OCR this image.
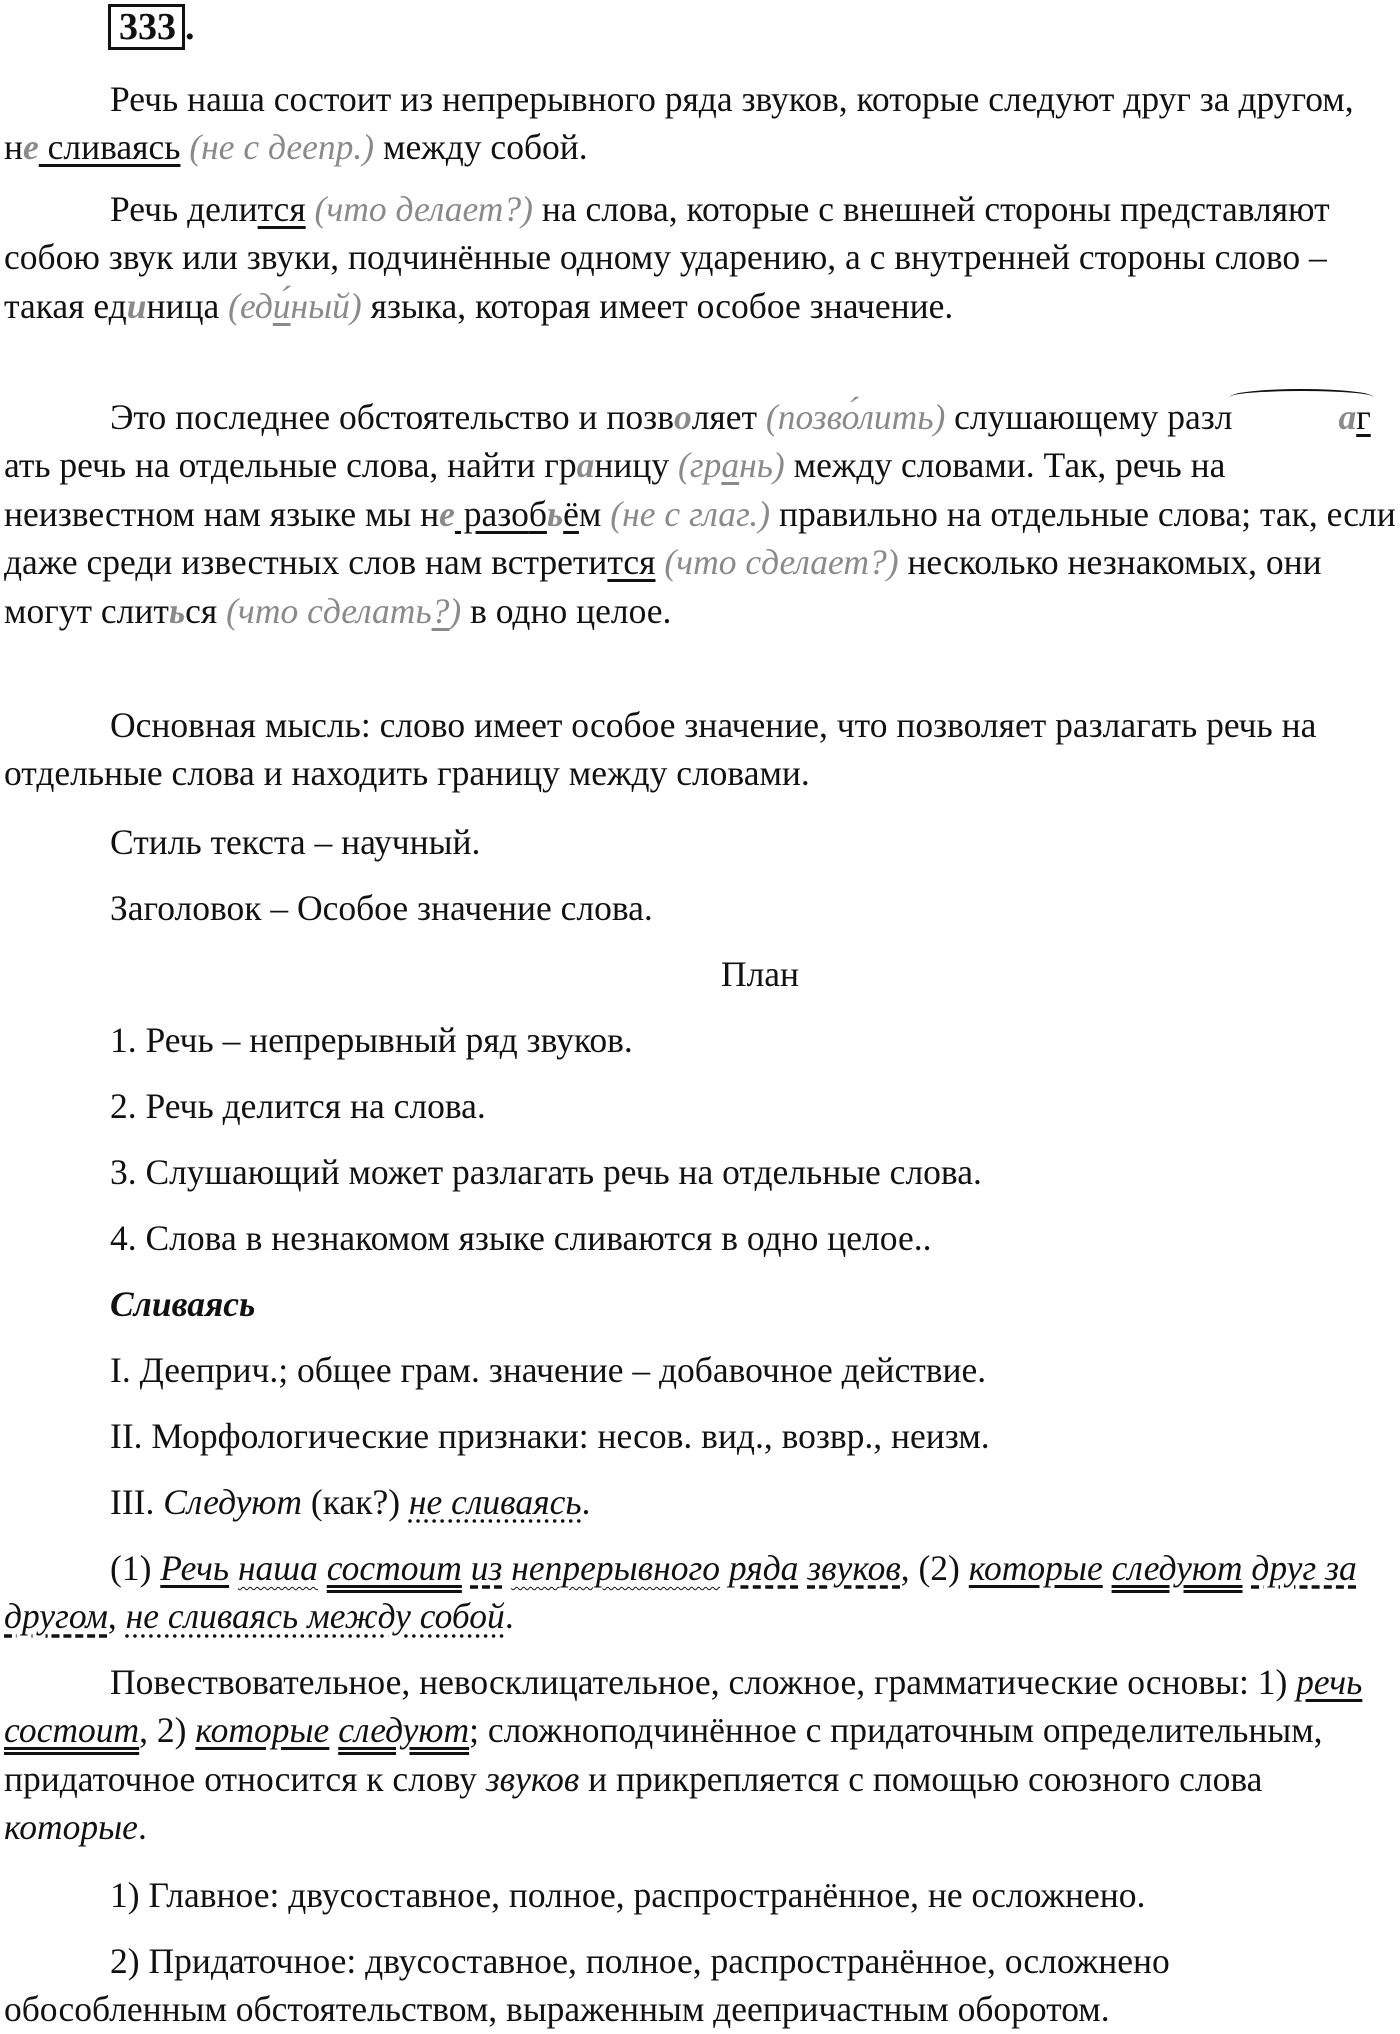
333 .

Речь наша состоит из непрерывного ряда звуков, которые следуют друг за другом, не сливаясь (не с деепр.) между собой.

Речь делится (что делает?) на слова, которые с внешней стороны представляют собою звук или звуки, подчинённые одному ударению, а с внутренней стороны слово – такая единица (еди́ный) языка, которая имеет особое значение.

Это последнее обстоятельство и позволяет (позво́лить) слушающему разл	агать речь на отдельные слова, найти границу (грань) между словами. Так, речь на неизвестном нам языке мы не разобьём (не с глаг.) правильно на отдельные слова; так, если даже среди известных слов нам встретится (что сделает?) несколько незнакомых, они могут слиться (что сделать?) в одно целое.

Основная мысль: слово имеет особое значение, что позволяет разлагать речь на отдельные слова и находить границу между словами.

Стиль текста – научный.

Заголовок – Особое значение слова.

План

1. Речь – непрерывный ряд звуков.

2. Речь делится на слова.

3. Слушающий может разлагать речь на отдельные слова.

4. Слова в незнакомом языке сливаются в одно целое..

Сливаясь

I. Дееприч.; общее грам. значение – добавочное действие.

II. Морфологические признаки: несов. вид., возвр., неизм.

III. Следуют (как?) не сливаясь.

(1) Речь наша состоит из непрерывного ряда звуков, (2) которые следуют друг за другом, не сливаясь между собой.

Повествовательное, невосклицательное, сложное, грамматические основы: 1) речь состоит, 2) которые следуют; сложноподчинённое с придаточным определительным, придаточное относится к слову звуков и прикрепляется с помощью союзного слова которые.

1) Главное: двусоставное, полное, распространённое, не осложнено.

2) Придаточное: двусоставное, полное, распространённое, осложнено обособленным обстоятельством, выраженным деепричастным оборотом.
